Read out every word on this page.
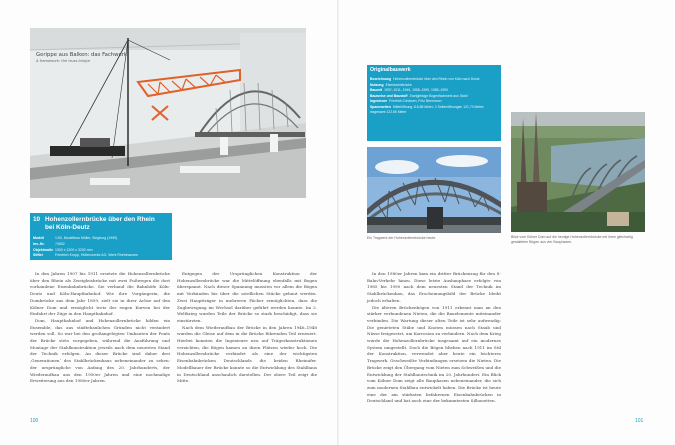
Gerippe aus Balken: das Fachwerk
A framework: the truss bridge
10 Hohenzollernbrücke über den Rhein
bei Köln-Deutz
Modell	1:50, Modellbau Möller, Siegburg (1959)
Inv.-Nr.	74502
Objektmaße 1300 x 1200 x 3200 mm
Stifter	Friedrich Krupp, Hüttenwerke AG, Werk Rheinhausen

In den Jahren 1907 bis 1911 ersetzte die Hohenzollernbrücke über den Rhein als Zweigleisbrücke mit zwei Fußwegen die dort vorhandene Eisenbahnbrücke. Sie verband die Bahnhöfe Köln-Deutz und Köln-Hauptbahnhof. Wie ihre Vorgängerin, die Dombrücke aus dem Jahr 1859, zielt sie in ihrer Achse auf den Kölner Dom und ermöglicht trotz der engen Kurven bei der Einfahrt der Züge in den Hauptbahnhof.

Dom, Hauptbahnhof und Hohenzollernbrücke bilden ein Ensemble, das aus städtebaulichen Gründen nicht verändert werden soll. So war bei den großangelegten Umbauten der Ponts der Brücke stets vorgegeben, während die Ausführung und Montage der Stahlkonstruktion jeweils nach dem neuesten Stand der Technik erfolgen. An dieser Brücke sind daher drei ‚Generationen‘ des Stahlbrückenbaus nebeneinander zu sehen: der ursprüngliche von Anfang des 20. Jahrhunderts, der Wiederaufbau aus den 1950er Jahren und eine nochmalige Erweiterung aus den 1980er Jahren.

Entgegen der Ursprünglichen Konstruktion der Hohenzollernbrücke war die Mittelöffnung ebenfalls mit Bogen überspannt. Nach dieser Spannung mussten vor allem die Bögen mit Verbänden bis über die nördlichen Stücke gebaut werden. Zwei Hauptträger in mehreren Fächer ermöglichten, dass die Zugbewegung im Wechsel darüber geführt werden konnte. Im 2. Weltkrieg wurden Teile der Brücke so stark beschädigt, dass sie einstürzten.

Nach dem Wiederaufbau der Brücke in den Jahren 1946–1948 wurden die Gleise auf dem in die Brücke führenden Teil erneuert. Hierbei konnten die Ingenieure neu auf Trägerkonstruktionen verzichten, die Bögen kamen an ihren Plätzen wieder hoch. Die Hohenzollernbrücke verbindet als eine der wichtigsten Eisenbahnbrücken Deutschlands die beiden Rheinufer. Modellbauer der Brücke konnte so die Entwicklung des Stahlbaus in Deutschland anschaulich darstellen. Der obere Teil zeigt die Mitte.

100
Originalbauwerk
Bezeichnung Hohenzollernbrücke über den Rhein von Köln nach Deutz
Nutzung Eisenbahnbrücke
Bauzeit 1907–1911, 1946, 1958–1959, 1985–1990
Bauweise und Baustoff Zweigleisige Bogenfachwerk aus Stahl
Ingenieure Friedrich Dircksen, Fritz Beermann
Spannweiten Mittelöffnung 118,88 Meter; 2 Seitenöffnungen 121,70 Meter; insgesamt 122,56 Meter
Ein Tragwerk der Hohenzollernbrücke heute.	Blick vom Kölner Dom auf die heutige Hohenzollernbrücke mit ihren gleichartig gestalteten Bögen aus vier Bauphasen.

In den 1980er Jahren kam ein dritter Brückenzug für den S-Bahn-Verkehr hinzu. Diese letzte Ausbauphase erfolgte von 1985 bis 1990 nach dem neuesten Stand der Technik im Stahlbrückenbau, das Erscheinungsbild der Brücke bleibt jedoch erhalten.

Die älteren Brückenbögen von 1911 erkennt man an den stärker verbundenen Nieten, die die Bauelemente miteinander verbinden. Die Wartung dieser alten Teile ist sehr aufwendig: Die genieteten Stäbe und Knoten müssen nach Staub und Nässe freigesetzt, um Korrosion zu verhindern. Nach dem Krieg wurde die Hohenzollernbrücke insgesamt auf ein modernes System umgestellt. Doch die Bögen blieben nach 1911 im Stil der Konstruktion, verwendet aber heute ein leichteres Tragwerk. Geschweißte Verbindungen ersetzen die Nieten. Die Brücke zeigt den Übergang vom Nieten zum Schweißen und die Entwicklung der Stahlbautechnik im 20. Jahrhundert. Ein Blick vom Kölner Dom zeigt alle Bauphasen nebeneinander, die sich zum modernen Stahlbau entwickelt haben. Die Brücke ist heute eine der am stärksten befahrenen Eisenbahnbrücken in Deutschland und hat auch eine der bekanntesten Silhouetten.

101
